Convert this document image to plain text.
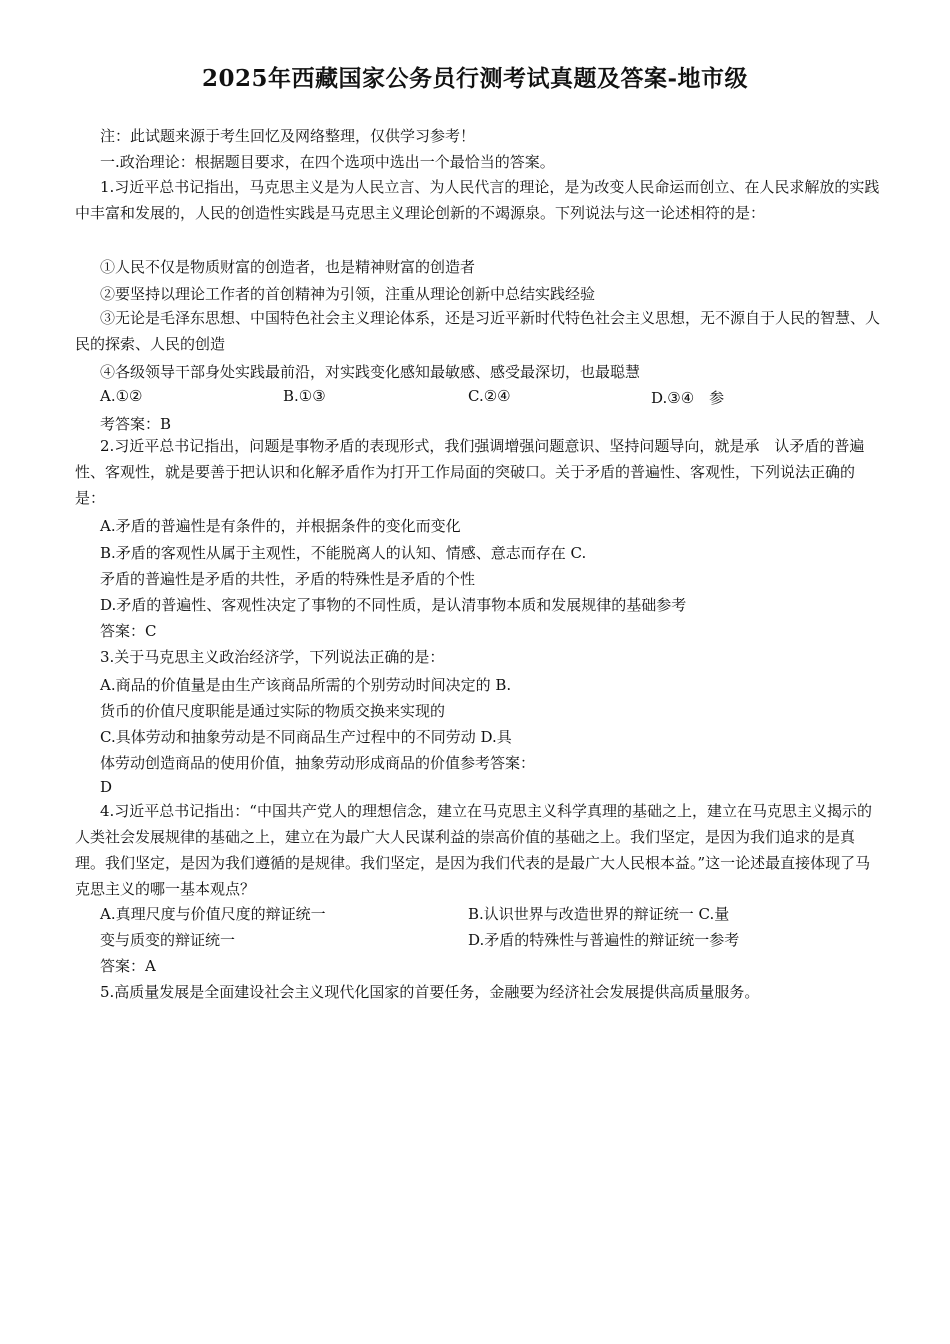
2025年西藏国家公务员行测考试真题及答案-地市级
注：此试题来源于考生回忆及网络整理，仅供学习参考！
一.政治理论：根据题目要求，在四个选项中选出一个最恰当的答案。
1.习近平总书记指出，马克思主义是为人民立言、为人民代言的理论，是为改变人民命运而创立、在人民求解放的实践中丰富和发展的，人民的创造性实践是马克思主义理论创新的不竭源泉。下列说法与这一论述相符的是：
①人民不仅是物质财富的创造者，也是精神财富的创造者
②要坚持以理论工作者的首创精神为引领，注重从理论创新中总结实践经验
③无论是毛泽东思想、中国特色社会主义理论体系，还是习近平新时代特色社会主义思想，无不源自于人民的智慧、人民的探索、人民的创造
④各级领导干部身处实践最前沿，对实践变化感知最敏感、感受最深切，也最聪慧
A.①②	B.①③	C.②④	D.③④　参
考答案：B
2.习近平总书记指出，问题是事物矛盾的表现形式，我们强调增强问题意识、坚持问题导向，就是承　认矛盾的普遍性、客观性，就是要善于把认识和化解矛盾作为打开工作局面的突破口。关于矛盾的普遍性、客观性，下列说法正确的是：
A.矛盾的普遍性是有条件的，并根据条件的变化而变化
B.矛盾的客观性从属于主观性，不能脱离人的认知、情感、意志而存在 C.
矛盾的普遍性是矛盾的共性，矛盾的特殊性是矛盾的个性
D.矛盾的普遍性、客观性决定了事物的不同性质，是认清事物本质和发展规律的基础参考
答案：C
3.关于马克思主义政治经济学，下列说法正确的是：
A.商品的价值量是由生产该商品所需的个别劳动时间决定的 B.
货币的价值尺度职能是通过实际的物质交换来实现的
C.具体劳动和抽象劳动是不同商品生产过程中的不同劳动 D.具
体劳动创造商品的使用价值，抽象劳动形成商品的价值参考答案：
D
4.习近平总书记指出：“中国共产党人的理想信念，建立在马克思主义科学真理的基础之上，建立在马克思主义揭示的人类社会发展规律的基础之上，建立在为最广大人民谋利益的崇高价值的基础之上。我们坚定，是因为我们追求的是真理。我们坚定，是因为我们遵循的是规律。我们坚定，是因为我们代表的是最广大人民根本益。”这一论述最直接体现了马克思主义的哪一基本观点？
A.真理尺度与价值尺度的辩证统一	B.认识世界与改造世界的辩证统一 C.量
变与质变的辩证统一	D.矛盾的特殊性与普遍性的辩证统一参考
答案：A
5.高质量发展是全面建设社会主义现代化国家的首要任务，金融要为经济社会发展提供高质量服务。
